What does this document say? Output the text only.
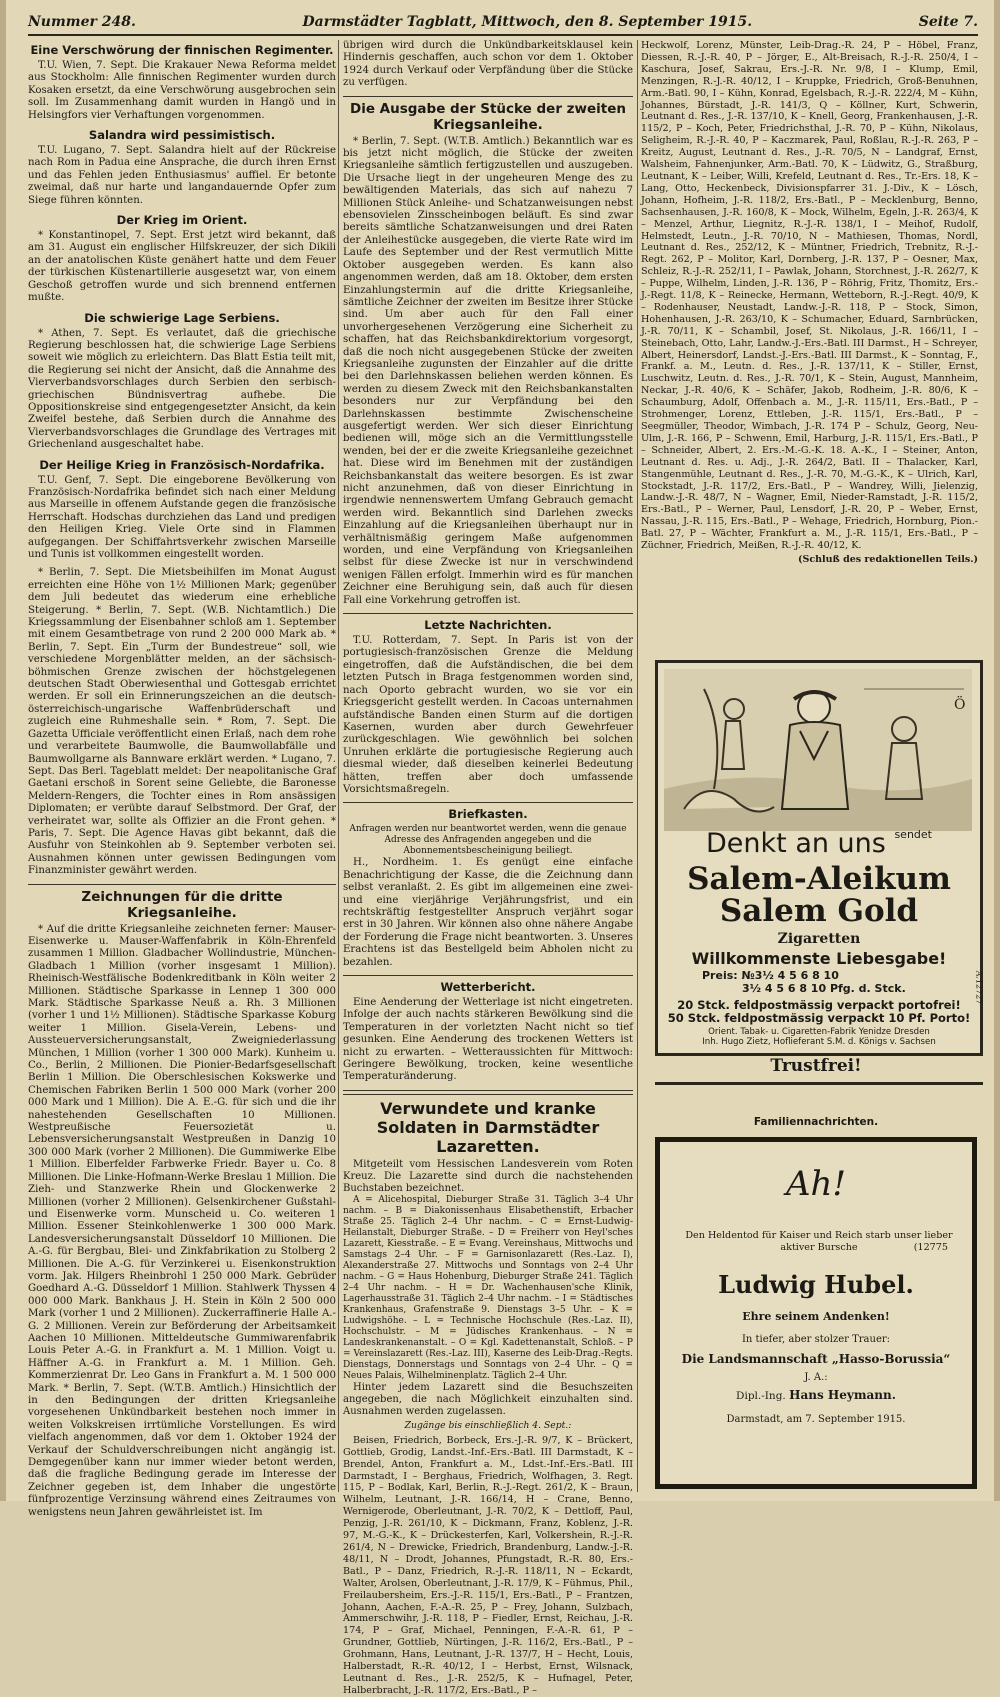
Nummer 248.	Darmstädter Tagblatt, Mittwoch, den 8. September 1915.	Seite 7.
Eine Verschwörung der finnischen Regimenter.

T.U. Wien, 7. Sept. Die Krakauer Newa Reforma meldet aus Stockholm: Alle finnischen Regimenter wurden durch Kosaken ersetzt, da eine Verschwörung ausgebrochen sein soll. Im Zusammenhang damit wurden in Hangö und in Helsingfors vier Verhaftungen vorgenommen.

Salandra wird pessimistisch.

T.U. Lugano, 7. Sept. Salandra hielt auf der Rückreise nach Rom in Padua eine Ansprache, die durch ihren Ernst und das Fehlen jeden Enthusiasmus' auffiel. Er betonte zweimal, daß nur harte und langandauernde Opfer zum Siege führen könnten.

Der Krieg im Orient.

* Konstantinopel, 7. Sept. Erst jetzt wird bekannt, daß am 31. August ein englischer Hilfskreuzer, der sich Dikili an der anatolischen Küste genähert hatte und dem Feuer der türkischen Küstenartillerie ausgesetzt war, von einem Geschoß getroffen wurde und sich brennend entfernen mußte.

Die schwierige Lage Serbiens.

* Athen, 7. Sept. Es verlautet, daß die griechische Regierung beschlossen hat, die schwierige Lage Serbiens soweit wie möglich zu erleichtern. Das Blatt Estia teilt mit, die Regierung sei nicht der Ansicht, daß die Annahme des Vierverbandsvorschlages durch Serbien den serbisch-griechischen Bündnisvertrag aufhebe. Die Oppositionskreise sind entgegengesetzter Ansicht, da kein Zweifel bestehe, daß Serbien durch die Annahme des Vierverbandsvorschlages die Grundlage des Vertrages mit Griechenland ausgeschaltet habe.

Der Heilige Krieg in Französisch-Nordafrika.

T.U. Genf, 7. Sept. Die eingeborene Bevölkerung von Französisch-Nordafrika befindet sich nach einer Meldung aus Marseille in offenem Aufstande gegen die französische Herrschaft. Hodschas durchziehen das Land und predigen den Heiligen Krieg. Viele Orte sind in Flammen aufgegangen. Der Schiffahrtsverkehr zwischen Marseille und Tunis ist vollkommen eingestellt worden.

* Berlin, 7. Sept. Die Mietsbeihilfen im Monat August erreichten eine Höhe von 1½ Millionen Mark; gegenüber dem Juli bedeutet das wiederum eine erhebliche Steigerung. * Berlin, 7. Sept. (W.B. Nichtamtlich.) Die Kriegssammlung der Eisenbahner schloß am 1. September mit einem Gesamtbetrage von rund 2 200 000 Mark ab. * Berlin, 7. Sept. Ein „Turm der Bundestreue“ soll, wie verschiedene Morgenblätter melden, an der sächsisch-böhmischen Grenze zwischen der höchstgelegenen deutschen Stadt Oberwiesenthal und Gottesgab errichtet werden. Er soll ein Erinnerungszeichen an die deutsch-österreichisch-ungarische Waffenbrüderschaft und zugleich eine Ruhmeshalle sein. * Rom, 7. Sept. Die Gazetta Ufficiale veröffentlicht einen Erlaß, nach dem rohe und verarbeitete Baumwolle, die Baumwollabfälle und Baumwollgarne als Bannware erklärt werden. * Lugano, 7. Sept. Das Berl. Tageblatt meldet: Der neapolitanische Graf Gaetani erschoß in Sorent seine Geliebte, die Baronesse Meldern-Rengers, die Tochter eines in Rom ansässigen Diplomaten; er verübte darauf Selbstmord. Der Graf, der verheiratet war, sollte als Offizier an die Front gehen. * Paris, 7. Sept. Die Agence Havas gibt bekannt, daß die Ausfuhr von Steinkohlen ab 9. September verboten sei. Ausnahmen können unter gewissen Bedingungen vom Finanzminister gewährt werden.

Zeichnungen für die dritte Kriegsanleihe.

* Auf die dritte Kriegsanleihe zeichneten ferner: Mauser-Eisenwerke u. Mauser-Waffenfabrik in Köln-Ehrenfeld zusammen 1 Million. Gladbacher Wollindustrie, München-Gladbach 1 Million (vorher insgesamt 1 Million). Rheinisch-Westfälische Bodenkreditbank in Köln weiter 2 Millionen. Städtische Sparkasse in Lennep 1 300 000 Mark. Städtische Sparkasse Neuß a. Rh. 3 Millionen (vorher 1 und 1½ Millionen). Städtische Sparkasse Koburg weiter 1 Million. Gisela-Verein, Lebens- und Aussteuerversicherungsanstalt, Zweigniederlassung München, 1 Million (vorher 1 300 000 Mark). Kunheim u. Co., Berlin, 2 Millionen. Die Pionier-Bedarfsgesellschaft Berlin 1 Million. Die Oberschlesischen Kokswerke und Chemischen Fabriken Berlin 1 500 000 Mark (vorher 200 000 Mark und 1 Million). Die A. E.-G. für sich und die ihr nahestehenden Gesellschaften 10 Millionen. Westpreußische Feuersozietät u. Lebensversicherungsanstalt Westpreußen in Danzig 10 300 000 Mark (vorher 2 Millionen). Die Gummiwerke Elbe 1 Million. Elberfelder Farbwerke Friedr. Bayer u. Co. 8 Millionen. Die Linke-Hofmann-Werke Breslau 1 Million. Die Zieh- und Stanzwerke Rhein und Glockenwerke 2 Millionen (vorher 2 Millionen). Gelsenkirchener Gußstahl- und Eisenwerke vorm. Munscheid u. Co. weiteren 1 Million. Essener Steinkohlenwerke 1 300 000 Mark. Landesversicherungsanstalt Düsseldorf 10 Millionen. Die A.-G. für Bergbau, Blei- und Zinkfabrikation zu Stolberg 2 Millionen. Die A.-G. für Verzinkerei u. Eisenkonstruktion vorm. Jak. Hilgers Rheinbrohl 1 250 000 Mark. Gebrüder Goedhard A.-G. Düsseldorf 1 Million. Stahlwerk Thyssen 4 000 000 Mark. Bankhaus J. H. Stein in Köln 2 500 000 Mark (vorher 1 und 2 Millionen). Zuckerraffinerie Halle A.-G. 2 Millionen. Verein zur Beförderung der Arbeitsamkeit Aachen 10 Millionen. Mitteldeutsche Gummiwarenfabrik Louis Peter A.-G. in Frankfurt a. M. 1 Million. Voigt u. Häffner A.-G. in Frankfurt a. M. 1 Million. Geh. Kommerzienrat Dr. Leo Gans in Frankfurt a. M. 1 500 000 Mark. * Berlin, 7. Sept. (W.T.B. Amtlich.) Hinsichtlich der in den Bedingungen der dritten Kriegsanleihe vorgesehenen Unkündbarkeit bestehen noch immer in weiten Volkskreisen irrtümliche Vorstellungen. Es wird vielfach angenommen, daß vor dem 1. Oktober 1924 der Verkauf der Schuldverschreibungen nicht angängig ist. Demgegenüber kann nur immer wieder betont werden, daß die fragliche Bedingung gerade im Interesse der Zeichner gegeben ist, dem Inhaber die ungestörte fünfprozentige Verzinsung während eines Zeitraumes von wenigstens neun Jahren gewährleistet ist. Im

übrigen wird durch die Unkündbarkeitsklausel kein Hindernis geschaffen, auch schon vor dem 1. Oktober 1924 durch Verkauf oder Verpfändung über die Stücke zu verfügen.

Die Ausgabe der Stücke der zweiten Kriegsanleihe.

* Berlin, 7. Sept. (W.T.B. Amtlich.) Bekanntlich war es bis jetzt nicht möglich, die Stücke der zweiten Kriegsanleihe sämtlich fertigzustellen und auszugeben. Die Ursache liegt in der ungeheuren Menge des zu bewältigenden Materials, das sich auf nahezu 7 Millionen Stück Anleihe- und Schatzanweisungen nebst ebensovielen Zinsscheinbogen beläuft. Es sind zwar bereits sämtliche Schatzanweisungen und drei Raten der Anleihestücke ausgegeben, die vierte Rate wird im Laufe des September und der Rest vermutlich Mitte Oktober ausgegeben werden. Es kann also angenommen werden, daß am 18. Oktober, dem ersten Einzahlungstermin auf die dritte Kriegsanleihe, sämtliche Zeichner der zweiten im Besitze ihrer Stücke sind. Um aber auch für den Fall einer unvorhergesehenen Verzögerung eine Sicherheit zu schaffen, hat das Reichsbankdirektorium vorgesorgt, daß die noch nicht ausgegebenen Stücke der zweiten Kriegsanleihe zugunsten der Einzahler auf die dritte bei den Darlehnskassen beliehen werden können. Es werden zu diesem Zweck mit den Reichsbankanstalten besonders nur zur Verpfändung bei den Darlehnskassen bestimmte Zwischenscheine ausgefertigt werden. Wer sich dieser Einrichtung bedienen will, möge sich an die Vermittlungsstelle wenden, bei der er die zweite Kriegsanleihe gezeichnet hat. Diese wird im Benehmen mit der zuständigen Reichsbankanstalt das weitere besorgen. Es ist zwar nicht anzunehmen, daß von dieser Einrichtung in irgendwie nennenswertem Umfang Gebrauch gemacht werden wird. Bekanntlich sind Darlehen zwecks Einzahlung auf die Kriegsanleihen überhaupt nur in verhältnismäßig geringem Maße aufgenommen worden, und eine Verpfändung von Kriegsanleihen selbst für diese Zwecke ist nur in verschwindend wenigen Fällen erfolgt. Immerhin wird es für manchen Zeichner eine Beruhigung sein, daß auch für diesen Fall eine Vorkehrung getroffen ist.

Letzte Nachrichten.

T.U. Rotterdam, 7. Sept. In Paris ist von der portugiesisch-französischen Grenze die Meldung eingetroffen, daß die Aufständischen, die bei dem letzten Putsch in Braga festgenommen worden sind, nach Oporto gebracht wurden, wo sie vor ein Kriegsgericht gestellt werden. In Cacoas unternahmen aufständische Banden einen Sturm auf die dortigen Kasernen, wurden aber durch Gewehrfeuer zurückgeschlagen. Wie gewöhnlich bei solchen Unruhen erklärte die portugiesische Regierung auch diesmal wieder, daß dieselben keinerlei Bedeutung hätten, treffen aber doch umfassende Vorsichtsmaßregeln.

Briefkasten.

Anfragen werden nur beantwortet werden, wenn die genaue Adresse des Anfragenden angegeben und die Abonnementsbescheinigung beiliegt.

H., Nordheim. 1. Es genügt eine einfache Benachrichtigung der Kasse, die die Zeichnung dann selbst veranlaßt. 2. Es gibt im allgemeinen eine zwei- und eine vierjährige Verjährungsfrist, und ein rechtskräftig festgestellter Anspruch verjährt sogar erst in 30 Jahren. Wir können also ohne nähere Angabe der Forderung die Frage nicht beantworten. 3. Unseres Erachtens ist das Bestellgeld beim Abholen nicht zu bezahlen.

Wetterbericht.

Eine Aenderung der Wetterlage ist nicht eingetreten. Infolge der auch nachts stärkeren Bewölkung sind die Temperaturen in der vorletzten Nacht nicht so tief gesunken. Eine Aenderung des trockenen Wetters ist nicht zu erwarten. – Wetteraussichten für Mittwoch: Geringere Bewölkung, trocken, keine wesentliche Temperaturänderung.

Verwundete und kranke Soldaten in Darmstädter Lazaretten.

Mitgeteilt vom Hessischen Landesverein vom Roten Kreuz. Die Lazarette sind durch die nachstehenden Buchstaben bezeichnet.

A = Alicehospital, Dieburger Straße 31. Täglich 3–4 Uhr nachm. – B = Diakonissenhaus Elisabethenstift, Erbacher Straße 25. Täglich 2–4 Uhr nachm. – C = Ernst-Ludwig-Heilanstalt, Dieburger Straße. – D = Freiherr von Heyl'sches Lazarett, Kiesstraße. – E = Evang. Vereinshaus, Mittwochs und Samstags 2–4 Uhr. – F = Garnisonlazarett (Res.-Laz. I), Alexanderstraße 27. Mittwochs und Sonntags von 2–4 Uhr nachm. – G = Haus Hohenburg, Dieburger Straße 241. Täglich 2–4 Uhr nachm. – H = Dr. Wachenhausen'sche Klinik, Lagerhausstraße 31. Täglich 2–4 Uhr nachm. – I = Städtisches Krankenhaus, Grafenstraße 9. Dienstags 3–5 Uhr. – K = Ludwigshöhe. – L = Technische Hochschule (Res.-Laz. II), Hochschulstr. – M = Jüdisches Krankenhaus. – N = Landeskrankenanstalt. – O = Kgl. Kadettenanstalt, Schloß. – P = Vereinslazarett (Res.-Laz. III), Kaserne des Leib-Drag.-Regts. Dienstags, Donnerstags und Sonntags von 2–4 Uhr. – Q = Neues Palais, Wilhelminenplatz. Täglich 2–4 Uhr.

Hinter jedem Lazarett sind die Besuchszeiten angegeben, die nach Möglichkeit einzuhalten sind. Ausnahmen werden zugelassen.

Zugänge bis einschließlich 4. Sept.:

Beisen, Friedrich, Borbeck, Ers.-J.-R. 9/7, K – Brückert, Gottlieb, Grodig, Landst.-Inf.-Ers.-Batl. III Darmstadt, K – Brendel, Anton, Frankfurt a. M., Ldst.-Inf.-Ers.-Batl. III Darmstadt, I – Berghaus, Friedrich, Wolfhagen, 3. Regt. 115, P – Bodlak, Karl, Berlin, R.-J.-Regt. 261/2, K – Braun, Wilhelm, Leutnant, J.-R. 166/14, H – Crane, Benno, Wernigerode, Oberleutnant, J.-R. 70/2, K – Dettloff, Paul, Penzig, J.-R. 261/10, K – Dickmann, Franz, Koblenz, J.-R. 97, M.-G.-K., K – Drückesterfen, Karl, Volkershein, R.-J.-R. 261/4, N – Drewicke, Friedrich, Brandenburg, Landw.-J.-R. 48/11, N – Drodt, Johannes, Pfungstadt, R.-R. 80, Ers.-Batl., P – Danz, Friedrich, R.-J.-R. 118/11, N – Eckardt, Walter, Arolsen, Oberleutnant, J.-R. 17/9, K – Fühmus, Phil., Freilaubersheim, Ers.-J.-R. 115/1, Ers.-Batl., P – Frantzen, Johann, Aachen, F.-A.-R. 25, P – Frey, Johann, Sulzbach, Ammerschwihr, J.-R. 118, P – Fiedler, Ernst, Reichau, J.-R. 174, P – Graf, Michael, Penningen, F.-A.-R. 61, P – Grundner, Gottlieb, Nürtingen, J.-R. 116/2, Ers.-Batl., P – Grohmann, Hans, Leutnant, J.-R. 137/7, H – Hecht, Louis, Halberstadt, R.-R. 40/12, I – Herbst, Ernst, Wilsnack, Leutnant d. Res., J.-R. 252/5, K – Hufnagel, Peter, Halberbracht, J.-R. 117/2, Ers.-Batl., P –

Heckwolf, Lorenz, Münster, Leib-Drag.-R. 24, P – Höbel, Franz, Diessen, R.-J.-R. 40, P – Jörger, E., Alt-Breisach, R.-J.-R. 250/4, I – Kaschura, Josef, Sakrau, Ers.-J.-R. Nr. 9/8, I – Klump, Emil, Menzingen, R.-J.-R. 40/12, I – Kruppke, Friedrich, Groß-Benuhnen, Arm.-Batl. 90, I – Kühn, Konrad, Egelsbach, R.-J.-R. 222/4, M – Kühn, Johannes, Bürstadt, J.-R. 141/3, Q – Köllner, Kurt, Schwerin, Leutnant d. Res., J.-R. 137/10, K – Knell, Georg, Frankenhausen, J.-R. 115/2, P – Koch, Peter, Friedrichsthal, J.-R. 70, P – Kühn, Nikolaus, Seligheim, R.-J.-R. 40, P – Kaczmarek, Paul, Roßlau, R.-J.-R. 263, P – Kreitz, August, Leutnant d. Res., J.-R. 70/5, N – Landgraf, Ernst, Walsheim, Fahnenjunker, Arm.-Batl. 70, K – Lüdwitz, G., Straßburg, Leutnant, K – Leiber, Willi, Krefeld, Leutnant d. Res., Tr.-Ers. 18, K – Lang, Otto, Heckenbeck, Divisionspfarrer 31. J.-Div., K – Lösch, Johann, Hofheim, J.-R. 118/2, Ers.-Batl., P – Mecklenburg, Benno, Sachsenhausen, J.-R. 160/8, K – Mock, Wilhelm, Egeln, J.-R. 263/4, K – Menzel, Arthur, Liegnitz, R.-J.-R. 138/1, I – Meihof, Rudolf, Helmstedt, Leutn., J.-R. 70/10, N – Mathiesen, Thomas, Nordl, Leutnant d. Res., 252/12, K – Müntner, Friedrich, Trebnitz, R.-J.-Regt. 262, P – Molitor, Karl, Dornberg, J.-R. 137, P – Oesner, Max, Schleiz, R.-J.-R. 252/11, I – Pawlak, Johann, Storchnest, J.-R. 262/7, K – Puppe, Wilhelm, Linden, J.-R. 136, P – Röhrig, Fritz, Thomitz, Ers.-J.-Regt. 11/8, K – Reinecke, Hermann, Wetteborn, R.-J.-Regt. 40/9, K – Rodenhauser, Neustadt, Landw.-J.-R. 118, P – Stock, Simon, Hohenhausen, J.-R. 263/10, K – Schumacher, Eduard, Sarnbrücken, J.-R. 70/11, K – Schambil, Josef, St. Nikolaus, J.-R. 166/11, I – Steinebach, Otto, Lahr, Landw.-J.-Ers.-Batl. III Darmst., H – Schreyer, Albert, Heinersdorf, Landst.-J.-Ers.-Batl. III Darmst., K – Sonntag, F., Frankf. a. M., Leutn. d. Res., J.-R. 137/11, K – Stiller, Ernst, Luschwitz, Leutn. d. Res., J.-R. 70/1, K – Stein, August, Mannheim, Neckar, J.-R. 40/6, K – Schäfer, Jakob, Rodheim, J.-R. 80/6, K – Schaumburg, Adolf, Offenbach a. M., J.-R. 115/11, Ers.-Batl., P – Strohmenger, Lorenz, Ettleben, J.-R. 115/1, Ers.-Batl., P – Seegmüller, Theodor, Wimbach, J.-R. 174 P – Schulz, Georg, Neu-Ulm, J.-R. 166, P – Schwenn, Emil, Harburg, J.-R. 115/1, Ers.-Batl., P – Schneider, Albert, 2. Ers.-M.-G.-K. 18. A.-K., I – Steiner, Anton, Leutnant d. Res. u. Adj., J.-R. 264/2, Batl. II – Thalacker, Karl, Stangenmühle, Leutnant d. Res., J.-R. 70, M.-G.-K., K – Ulrich, Karl, Stockstadt, J.-R. 117/2, Ers.-Batl., P – Wandrey, Willi, Jielenzig, Landw.-J.-R. 48/7, N – Wagner, Emil, Nieder-Ramstadt, J.-R. 115/2, Ers.-Batl., P – Werner, Paul, Lensdorf, J.-R. 20, P – Weber, Ernst, Nassau, J.-R. 115, Ers.-Batl., P – Wehage, Friedrich, Hornburg, Pion.-Batl. 27, P – Wächter, Frankfurt a. M., J.-R. 115/1, Ers.-Batl., P – Züchner, Friedrich, Meißen, R.-J.-R. 40/12, K.

(Schluß des redaktionellen Teils.)
Ö
Denkt an uns $^{sendet}$
Salem-Aleikum
Salem Gold
Zigaretten
Willkommenste Liebesgabe!
Preis: №3½ 4 5 6 8 10
3½ 4 5 6 8 10 Pfg. d. Stck.
20 Stck. feldpostmässig verpackt portofrei!
50 Stck. feldpostmässig verpackt 10 Pf. Porto!
Orient. Tabak- u. Cigaretten-Fabrik Yenidze Dresden
Inh. Hugo Zietz, Hoflieferant S.M. d. Königs v. Sachsen
A.12727
Trustfrei!
Familiennachrichten.
Ah!
Den Heldentod für Kaiser und Reich starb unser lieber aktiver Bursche	(12775
Ludwig Hubel.
Ehre seinem Andenken!
In tiefer, aber stolzer Trauer:
Die Landsmannschaft „Hasso-Borussia“
J. A.:
Dipl.-Ing. Hans Heymann.
Darmstadt, am 7. September 1915.
